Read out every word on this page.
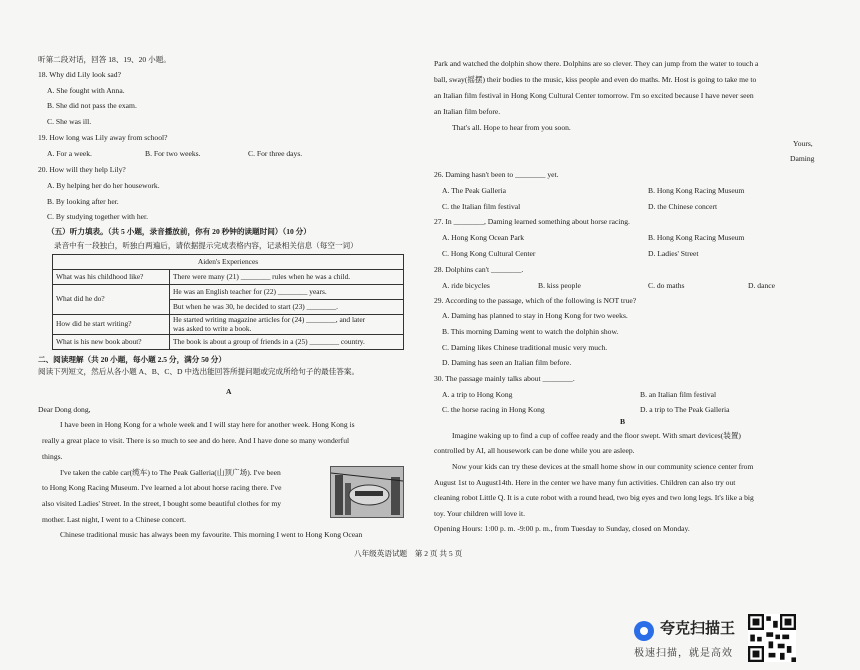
听第二段对话，回答 18、19、20 小题。
18. Why did Lily look sad?
A. She fought with Anna.
B. She did not pass the exam.
C. She was ill.
19. How long was Lily away from school?
A. For a week.	B. For two weeks.	C. For three days.
20. How will they help Lily?
A. By helping her do her housework.
B. By looking after her.
C. By studying together with her.
（五）听力填表。（共 5 小题，录音播放前，你有 20 秒钟的读题时间）（10 分）
录音中有一段独白，听独白两遍后，请依据提示完成表格内容，记录相关信息（每空一词）
Aiden's Experiences	
What was his childhood like?	There were many (21) ________ rules when he was a child.
What did he do?	He was an English teacher for (22) ________ years.
	But when he was 30, he decided to start (23) ________.
How did he start writing?	He started writing magazine articles for (24) ________, and later
was asked to write a book.

What is his new book about?	The book is about a group of friends in a (25) ________ country.
二、阅读理解（共 20 小题，每小题 2.5 分，满分 50 分）
阅读下列短文，然后从各小题 A、B、C、D 中选出能回答所提问题或完成所给句子的最佳答案。
A
Dear Dong dong,
I have been in Hong Kong for a whole week and I will stay here for another week. Hong Kong is
really a great place to visit. There is so much to see and do here. And I have done so many wonderful
things.
I've taken the cable car(缆车) to The Peak Galleria(山顶广场). I've been
to Hong Kong Racing Museum. I've learned a lot about horse racing there. I've
also visited Ladies' Street. In the street, I bought some beautiful clothes for my
mother. Last night, I went to a Chinese concert.
Chinese traditional music has always been my favourite. This morning I went to Hong Kong Ocean
八年级英语试题　第 2 页 共 5 页
Park and watched the dolphin show there. Dolphins are so clever. They can jump from the water to touch a
ball, sway(摇摆) their bodies to the music, kiss people and even do maths. Mr. Host is going to take me to
an Italian film festival in Hong Kong Cultural Center tomorrow. I'm so excited because I have never seen
an Italian film before.
That's all. Hope to hear from you soon.
Yours,
Daming
26. Daming hasn't been to ________ yet.
A. The Peak Galleria	B. Hong Kong Racing Museum
C. the Italian film festival	D. the Chinese concert
27. In ________, Daming learned something about horse racing.
A. Hong Kong Ocean Park	B. Hong Kong Racing Museum
C. Hong Kong Cultural Center	D. Ladies' Street
28. Dolphins can't ________.
A. ride bicycles	B. kiss people	C. do maths	D. dance
29. According to the passage, which of the following is NOT true?
A. Daming has planned to stay in Hong Kong for two weeks.
B. This morning Daming went to watch the dolphin show.
C. Daming likes Chinese traditional music very much.
D. Daming has seen an Italian film before.
30. The passage mainly talks about ________.
A. a trip to Hong Kong	B. an Italian film festival
C. the horse racing in Hong Kong	D. a trip to The Peak Galleria
B
Imagine waking up to find a cup of coffee ready and the floor swept. With smart devices(装置)
controlled by AI, all housework can be done while you are asleep.
Now your kids can try these devices at the small home show in our community science center from
August 1st to August14th. Here in the center we have many fun activities. Children can also try out
cleaning robot Little Q. It is a cute robot with a round head, two big eyes and two long legs. It's like a big
toy. Your children will love it.
Opening Hours: 1:00 p. m. -9:00 p. m., from Tuesday to Sunday, closed on Monday.
夸克扫描王
极速扫描，就是高效
